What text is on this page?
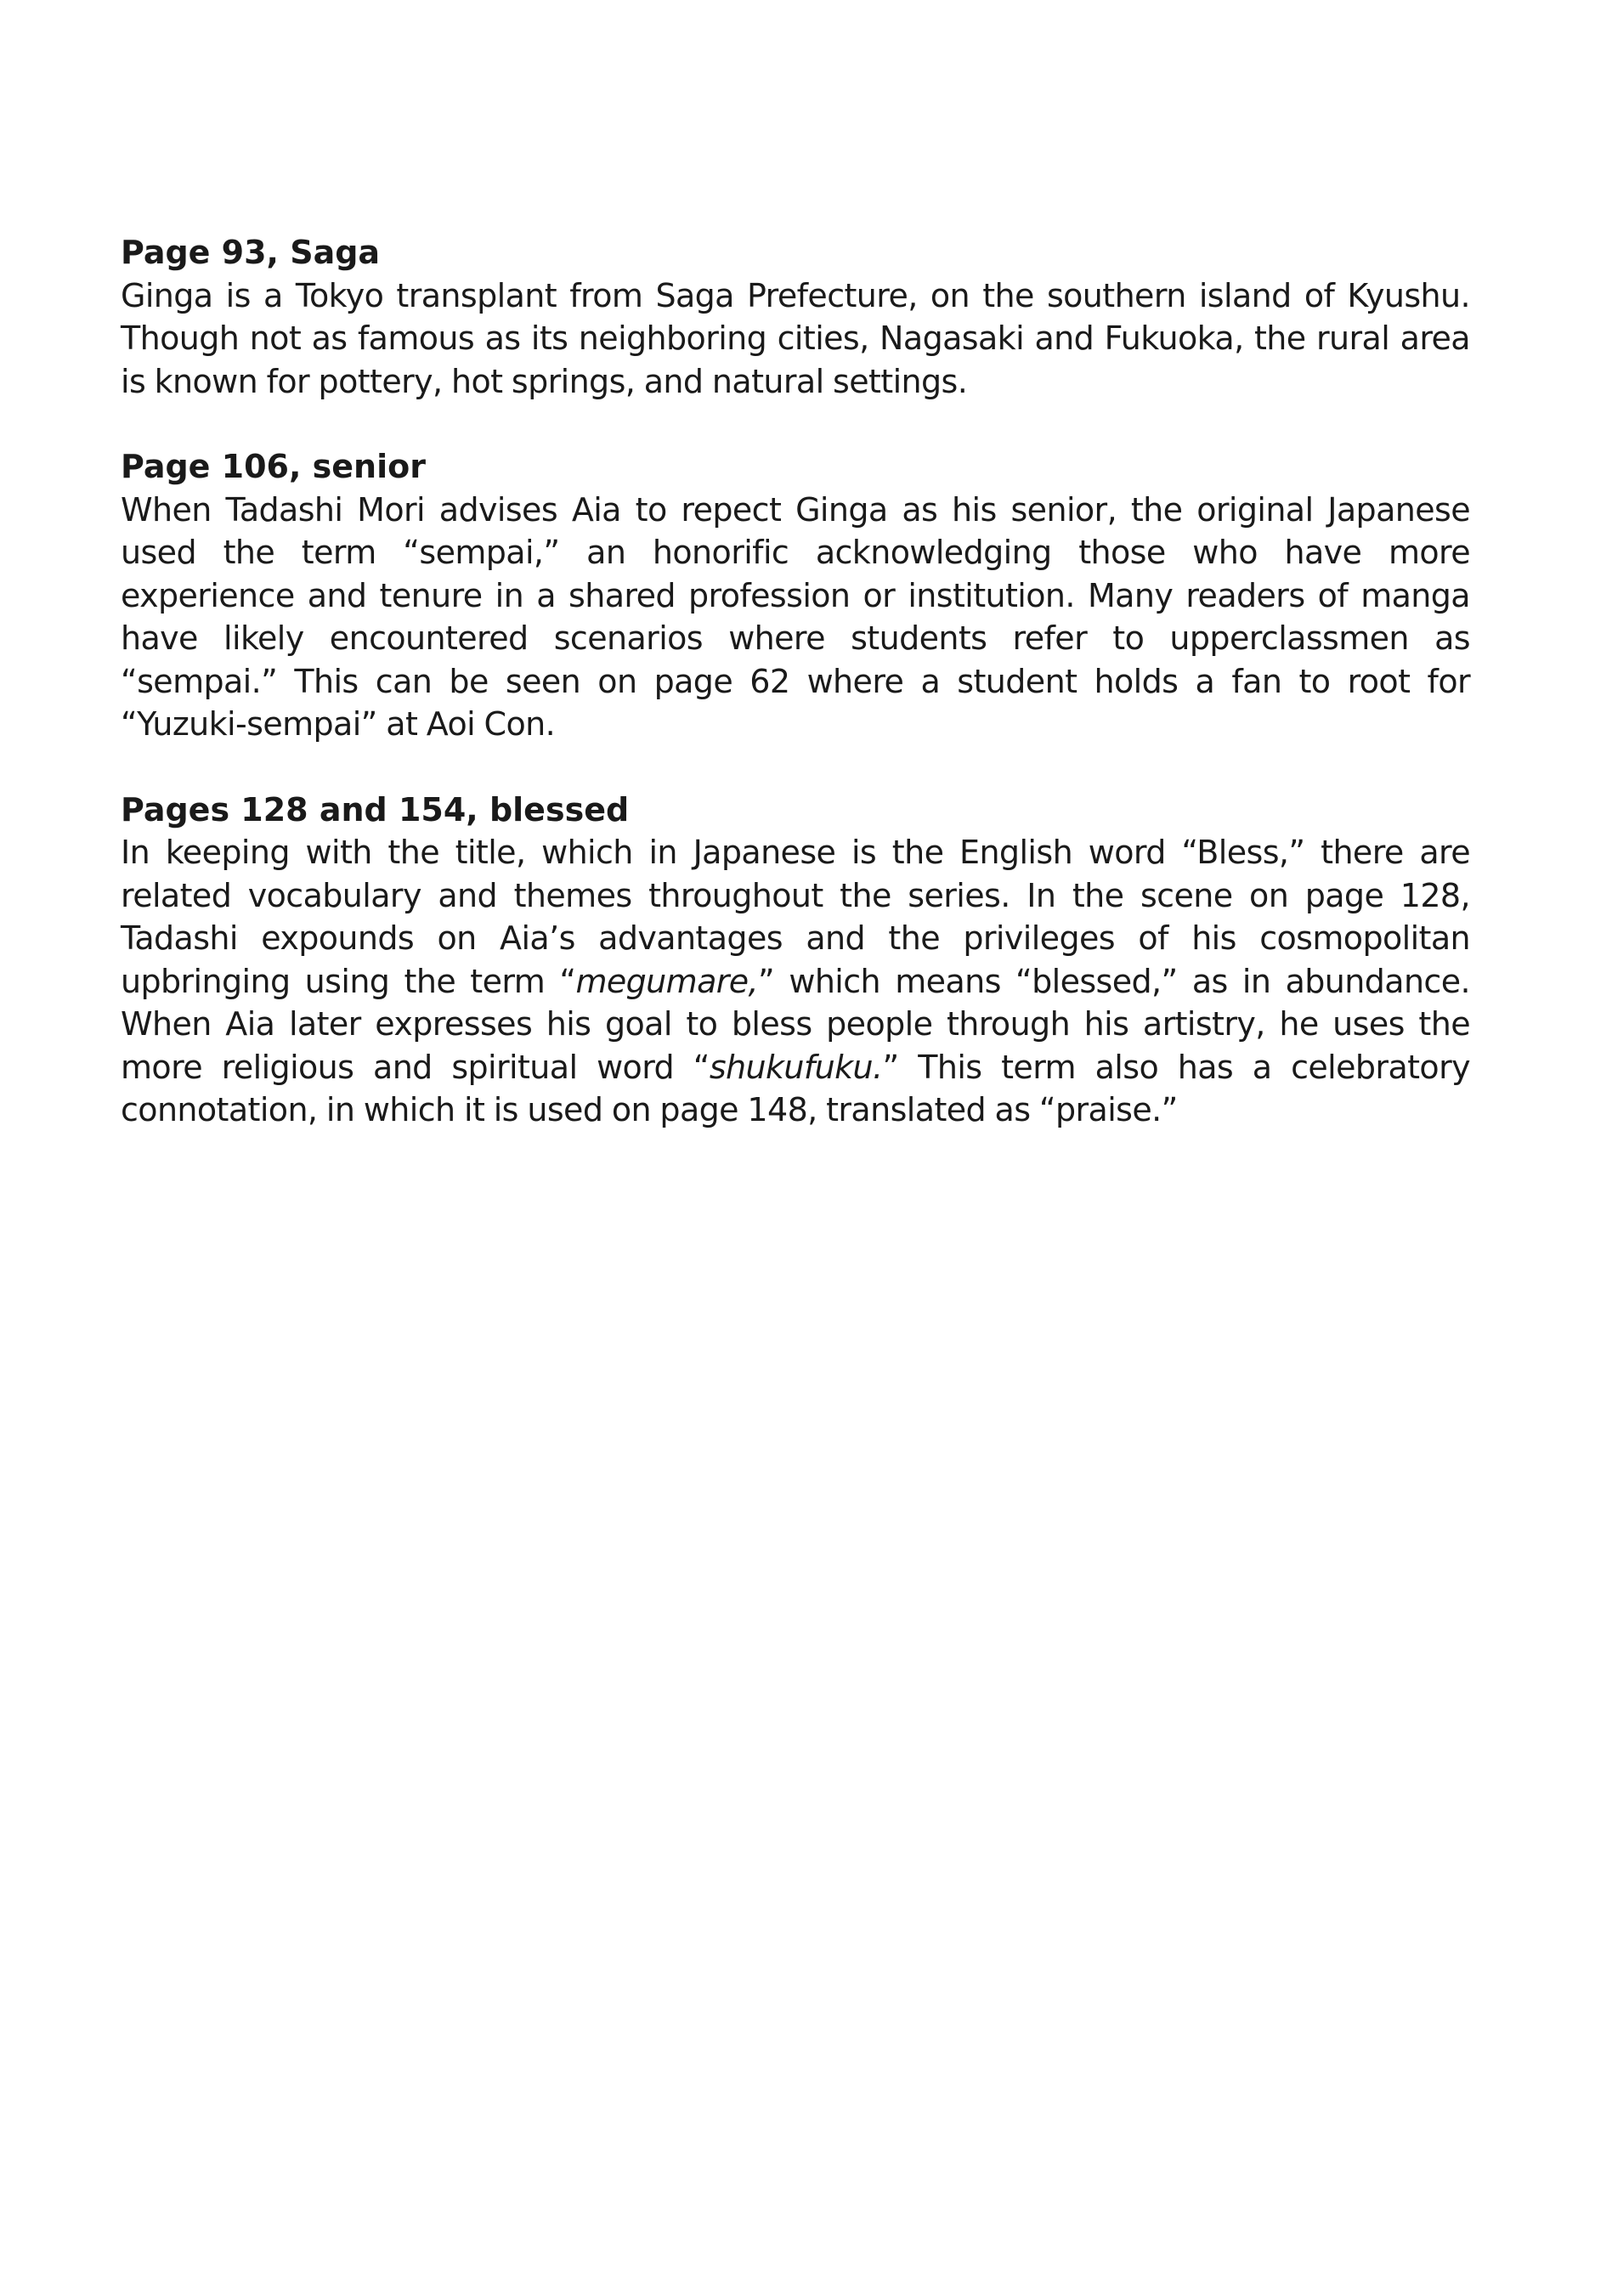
Page 93, Saga

Ginga is a Tokyo transplant from Saga Prefecture, on the southern island of Kyushu. Though not as famous as its neighboring cities, Nagasaki and Fukuoka, the rural area is known for pottery, hot springs, and natural settings.

Page 106, senior

When Tadashi Mori advises Aia to repect Ginga as his senior, the original Japanese used the term “sempai,” an honorific acknowledging those who have more experience and tenure in a shared profession or institution. Many readers of manga have likely encountered scenarios where students refer to upperclassmen as “sempai.” This can be seen on page 62 where a student holds a fan to root for “Yuzuki-sempai” at Aoi Con.

Pages 128 and 154, blessed

In keeping with the title, which in Japanese is the English word “Bless,” there are related vocabulary and themes throughout the series. In the scene on page 128, Tadashi expounds on Aia’s advantages and the privileges of his cosmopolitan upbringing using the term “megumare,” which means “blessed,” as in abundance. When Aia later expresses his goal to bless people through his artistry, he uses the more religious and spiritual word “shukufuku.” This term also has a celebratory connotation, in which it is used on page 148, translated as “praise.”
